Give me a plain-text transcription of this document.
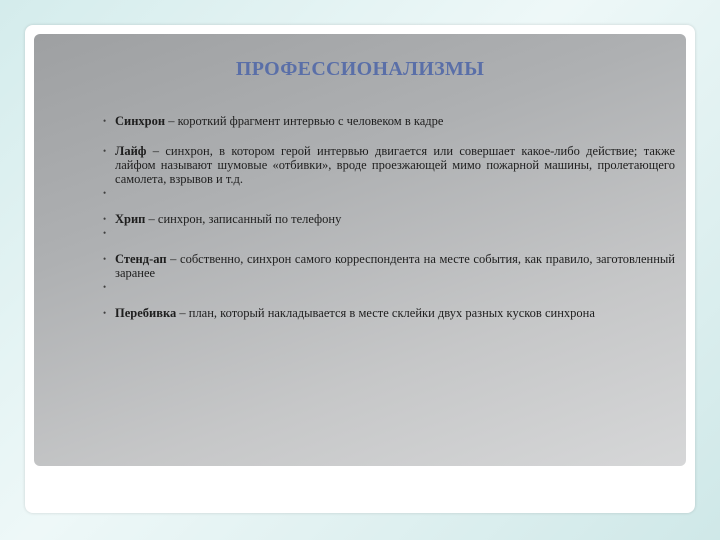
ПРОФЕССИОНАЛИЗМЫ
• Синхрон – короткий фрагмент интервью с человеком в кадре
• Лайф – синхрон, в котором герой интервью двигается или совершает какое-либо действие; также лайфом называют шумовые «отбивки», вроде проезжающей мимо пожарной машины, пролетающего самолета, взрывов и т.д.
•
• Хрип – синхрон, записанный по телефону
•
• Стенд-ап – собственно, синхрон самого корреспондента на месте события, как правило, заготовленный заранее
•
• Перебивка – план, который накладывается в месте склейки двух разных кусков синхрона
